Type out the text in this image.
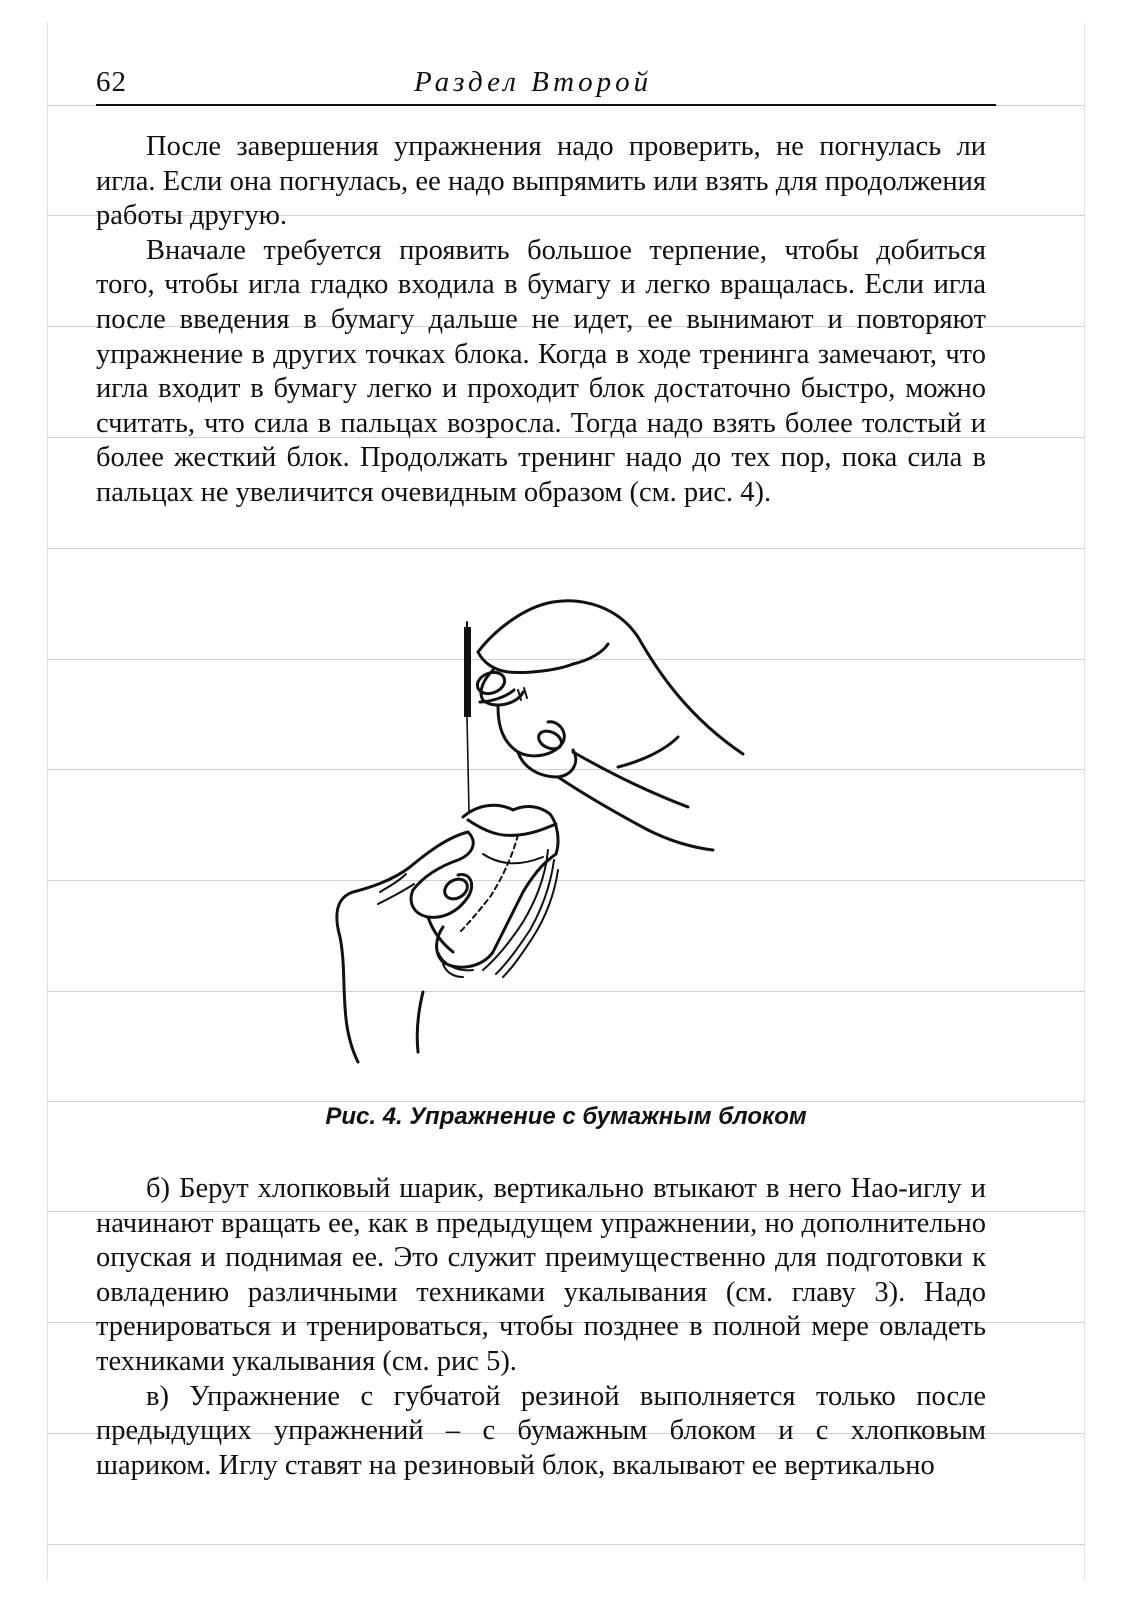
62	Раздел Второй

После завершения упражнения надо проверить, не погнулась ли игла. Если она погнулась, ее надо выпрямить или взять для продолжения работы другую.

Вначале требуется проявить большое терпение, чтобы добиться того, чтобы игла гладко входила в бумагу и легко вращалась. Если игла после введения в бумагу дальше не идет, ее вынимают и повторяют упражнение в других точках блока. Когда в ходе тренинга замечают, что игла входит в бумагу легко и проходит блок достаточно быстро, можно считать, что сила в пальцах возросла. Тогда надо взять более толстый и более жесткий блок. Продолжать тренинг надо до тех пор, пока сила в пальцах не увеличится очевидным образом (см. рис. 4).

Рис. 4. Упражнение с бумажным блоком

б) Берут хлопковый шарик, вертикально втыкают в него Нао-иглу и начинают вращать ее, как в предыдущем упражнении, но дополнительно опуская и поднимая ее. Это служит преимущественно для подготовки к овладению различными техниками укалывания (см. главу 3). Надо тренироваться и тренироваться, чтобы позднее в полной мере овладеть техниками укалывания (см. рис 5).

в) Упражнение с губчатой резиной выполняется только после предыдущих упражнений – с бумажным блоком и с хлопковым шариком. Иглу ставят на резиновый блок, вкалывают ее вертикально
